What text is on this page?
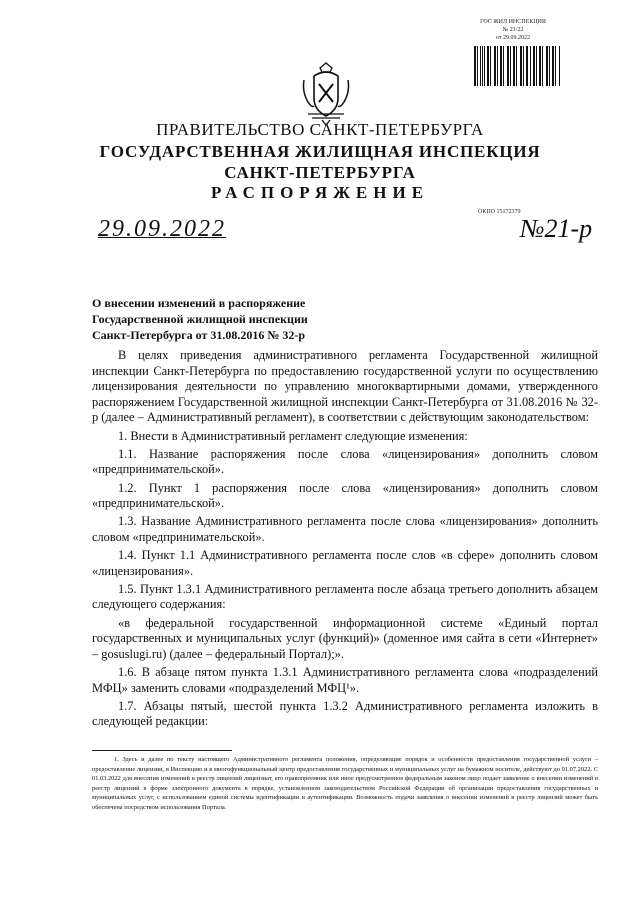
ГОС ЖИЛ ИНСПЕКЦИЯ
№ 21/22
от 29.09.2022
ПРАВИТЕЛЬСТВО САНКТ-ПЕТЕРБУРГА
ГОСУДАРСТВЕННАЯ ЖИЛИЩНАЯ ИНСПЕКЦИЯ
САНКТ-ПЕТЕРБУРГА
РАСПОРЯЖЕНИЕ
ОКПО 15172379
29.09.2022	№21-р
О внесении изменений в распоряжение
Государственной жилищной инспекции
Санкт-Петербурга от 31.08.2016 № 32-р

В целях приведения административного регламента Государственной жилищной инспекции Санкт-Петербурга по предоставлению государственной услуги по осуществлению лицензирования деятельности по управлению многоквартирными домами, утвержденного распоряжением Государственной жилищной инспекции Санкт-Петербурга от 31.08.2016 № 32-р (далее – Административный регламент), в соответствии с действующим законодательством:

1. Внести в Административный регламент следующие изменения:

1.1. Название распоряжения после слова «лицензирования» дополнить словом «предпринимательской».

1.2. Пункт 1 распоряжения после слова «лицензирования» дополнить словом «предпринимательской».

1.3. Название Административного регламента после слова «лицензирования» дополнить словом «предпринимательской».

1.4. Пункт 1.1 Административного регламента после слов «в сфере» дополнить словом «лицензирования».

1.5. Пункт 1.3.1 Административного регламента после абзаца третьего дополнить абзацем следующего содержания:

«в федеральной государственной информационной системе «Единый портал государственных и муниципальных услуг (функций)» (доменное имя сайта в сети «Интернет» – gosuslugi.ru) (далее – федеральный Портал);».

1.6. В абзаце пятом пункта 1.3.1 Административного регламента слова «подразделений МФЦ» заменить словами «подразделений МФЦ¹».

1.7. Абзацы пятый, шестой пункта 1.3.2 Административного регламента изложить в следующей редакции:

1. Здесь и далее по тексту настоящего Административного регламента положения, определяющие порядок и особенности предоставления государственной услуги – предоставление лицензии, в Инспекцию и в многофункциональный центр предоставления государственных и муниципальных услуг на бумажном носителе, действуют до 01.07.2022. С 01.03.2022 для внесения изменений в реестр лицензий лицензиат, его правопреемник или иное предусмотренное федеральным законом лицо подает заявление о внесении изменений в реестр лицензий в форме электронного документа в порядке, установленном законодательством Российской Федерации об организации предоставления государственных и муниципальных услуг, с использованием единой системы идентификации и аутентификации. Возможность подачи заявления о внесении изменений в реестр лицензий может быть обеспечена посредством использования Портала.
